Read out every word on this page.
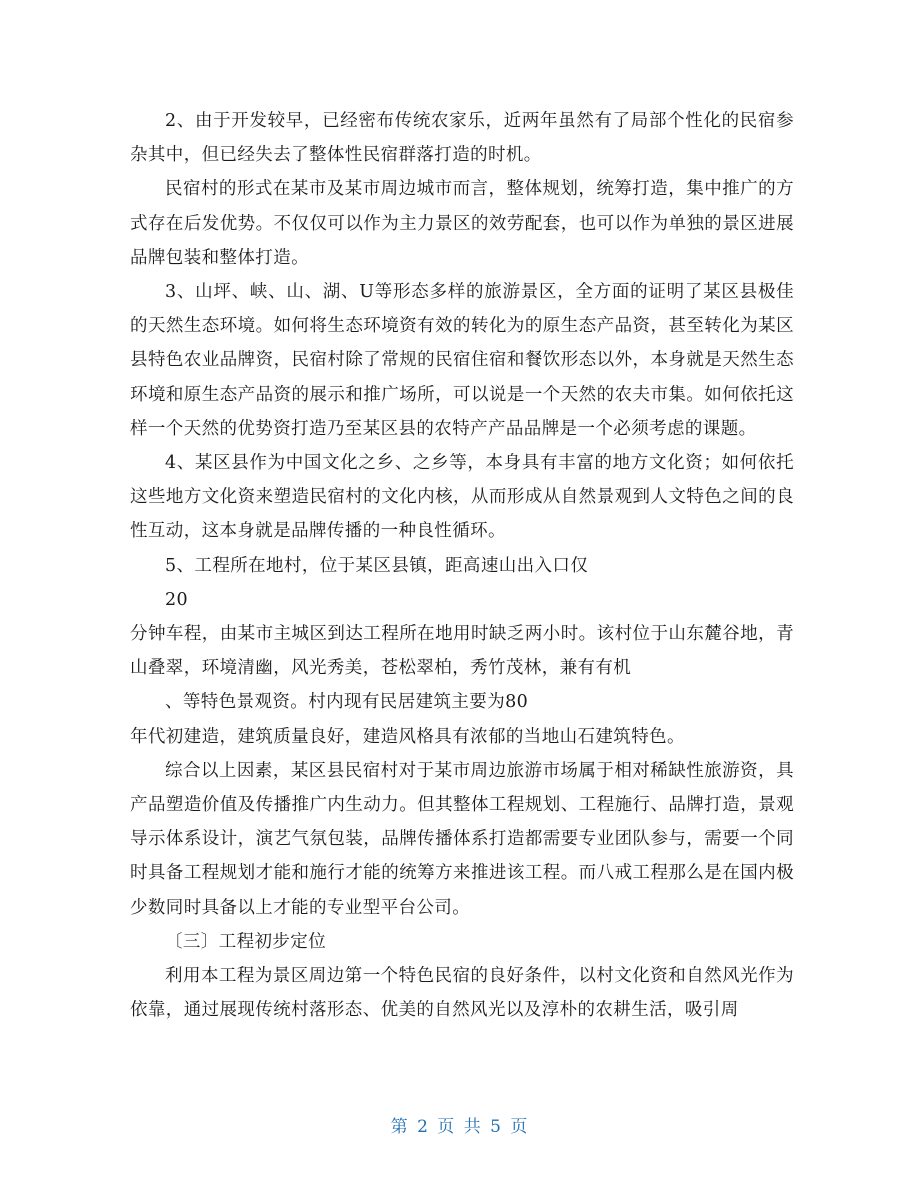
2、由于开发较早，已经密布传统农家乐，近两年虽然有了局部个性化的民宿参杂其中，但已经失去了整体性民宿群落打造的时机。

民宿村的形式在某市及某市周边城市而言，整体规划，统筹打造，集中推广的方式存在后发优势。不仅仅可以作为主力景区的效劳配套，也可以作为单独的景区进展品牌包装和整体打造。

3、山坪、峡、山、湖、U等形态多样的旅游景区，全方面的证明了某区县极佳的天然生态环境。如何将生态环境资有效的转化为的原生态产品资，甚至转化为某区县特色农业品牌资，民宿村除了常规的民宿住宿和餐饮形态以外，本身就是天然生态环境和原生态产品资的展示和推广场所，可以说是一个天然的农夫市集。如何依托这样一个天然的优势资打造乃至某区县的农特产产品品牌是一个必须考虑的课题。

4、某区县作为中国文化之乡、之乡等，本身具有丰富的地方文化资；如何依托这些地方文化资来塑造民宿村的文化内核，从而形成从自然景观到人文特色之间的良性互动，这本身就是品牌传播的一种良性循环。

5、工程所在地村，位于某区县镇，距高速山出入口仅

20

分钟车程，由某市主城区到达工程所在地用时缺乏两小时。该村位于山东麓谷地，青山叠翠，环境清幽，风光秀美，苍松翠柏，秀竹茂林，兼有有机

、等特色景观资。村内现有民居建筑主要为80

年代初建造，建筑质量良好，建造风格具有浓郁的当地山石建筑特色。

综合以上因素，某区县民宿村对于某市周边旅游市场属于相对稀缺性旅游资，具产品塑造价值及传播推广内生动力。但其整体工程规划、工程施行、品牌打造，景观导示体系设计，演艺气氛包装，品牌传播体系打造都需要专业团队参与，需要一个同时具备工程规划才能和施行才能的统筹方来推进该工程。而八戒工程那么是在国内极少数同时具备以上才能的专业型平台公司。

〔三〕工程初步定位

利用本工程为景区周边第一个特色民宿的良好条件，以村文化资和自然风光作为依靠，通过展现传统村落形态、优美的自然风光以及淳朴的农耕生活，吸引周

第 2 页 共 5 页
